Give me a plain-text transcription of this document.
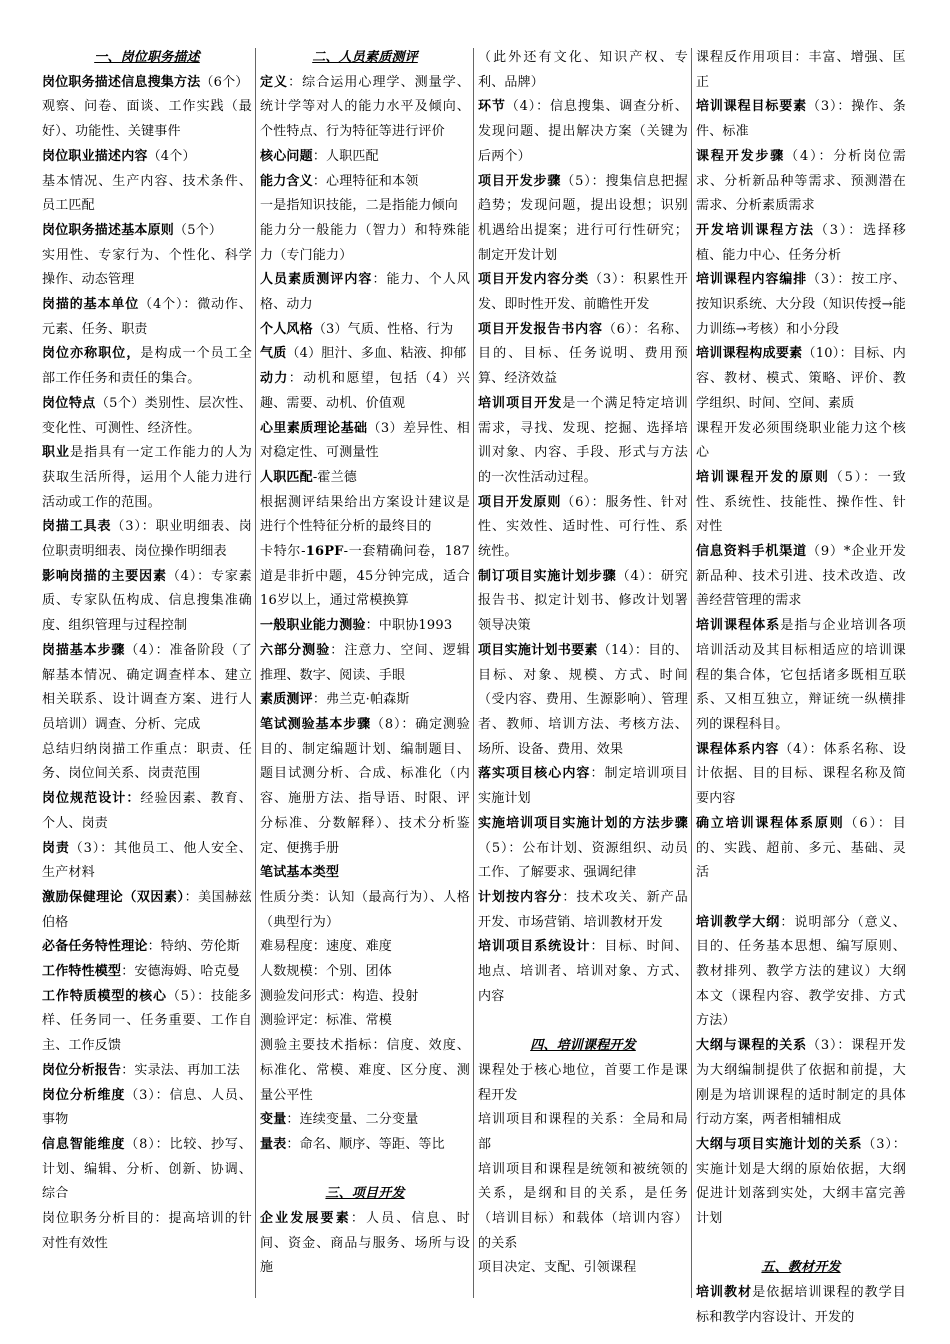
一、岗位职务描述

岗位职务描述信息搜集方法（6个）

观察、问卷、面谈、工作实践（最好）、功能性、关键事件

岗位职业描述内容（4个）

基本情况、生产内容、技术条件、员工匹配

岗位职务描述基本原则（5个）

实用性、专家行为、个性化、科学操作、动态管理

岗描的基本单位（4个）：微动作、元素、任务、职责

岗位亦称职位，是构成一个员工全部工作任务和责任的集合。

岗位特点（5个）类别性、层次性、变化性、可测性、经济性。

职业是指具有一定工作能力的人为获取生活所得，运用个人能力进行活动或工作的范围。

岗描工具表（3）：职业明细表、岗位职责明细表、岗位操作明细表

影响岗描的主要因素（4）：专家素质、专家队伍构成、信息搜集准确度、组织管理与过程控制

岗描基本步骤（4）：准备阶段（了解基本情况、确定调查样本、建立相关联系、设计调查方案、进行人员培训）调查、分析、完成

总结归纳岗描工作重点：职责、任务、岗位间关系、岗责范围

岗位规范设计：经验因素、教育、个人、岗责

岗责（3）：其他员工、他人安全、生产材料

激励保健理论（双因素）：美国赫兹伯格

必备任务特性理论：特纳、劳伦斯

工作特性模型：安德海姆、哈克曼

工作特质模型的核心（5）：技能多样、任务同一、任务重要、工作自主、工作反馈

岗位分析报告：实录法、再加工法

岗位分析维度（3）：信息、人员、事物

信息智能维度（8）：比较、抄写、计划、编辑、分析、创新、协调、综合

岗位职务分析目的：提高培训的针对性有效性

二、人员素质测评

定义：综合运用心理学、测量学、统计学等对人的能力水平及倾向、个性特点、行为特征等进行评价

核心问题：人职匹配

能力含义：心理特征和本领

一是指知识技能，二是指能力倾向

能力分一般能力（智力）和特殊能力（专门能力）

人员素质测评内容：能力、个人风格、动力

个人风格（3）气质、性格、行为

气质（4）胆汁、多血、粘液、抑郁

动力：动机和愿望，包括（4）兴趣、需要、动机、价值观

心里素质理论基础（3）差异性、相对稳定性、可测量性

人职匹配-霍兰德

根据测评结果给出方案设计建议是进行个性特征分析的最终目的

卡特尔-16PF-一套精确问卷，187道是非折中题，45分钟完成，适合16岁以上，通过常模换算

一般职业能力测验：中职协1993

六部分测验：注意力、空间、逻辑推理、数字、阅读、手眼

素质测评：弗兰克·帕森斯

笔试测验基本步骤（8）：确定测验目的、制定编题计划、编制题目、题目试测分析、合成、标准化（内容、施册方法、指导语、时限、评分标准、分数解释）、技术分析鉴定、便携手册

笔试基本类型

性质分类：认知（最高行为）、人格（典型行为）

难易程度：速度、难度

人数规模：个别、团体

测验发问形式：构造、投射

测验评定：标准、常模

测验主要技术指标：信度、效度、标准化、常模、难度、区分度、测量公平性

变量：连续变量、二分变量

量表：命名、顺序、等距、等比

三、项目开发

企业发展要素：人员、信息、时间、资金、商品与服务、场所与设施

（此外还有文化、知识产权、专利、品牌）

环节（4）：信息搜集、调查分析、发现问题、提出解决方案（关键为后两个）

项目开发步骤（5）：搜集信息把握趋势；发现问题，提出设想；识别机遇给出提案；进行可行性研究；制定开发计划

项目开发内容分类（3）：积累性开发、即时性开发、前瞻性开发

项目开发报告书内容（6）：名称、目的、目标、任务说明、费用预算、经济效益

培训项目开发是一个满足特定培训需求，寻找、发现、挖掘、选择培训对象、内容、手段、形式与方法的一次性活动过程。

项目开发原则（6）：服务性、针对性、实效性、适时性、可行性、系统性。

制订项目实施计划步骤（4）：研究报告书、拟定计划书、修改计划署领导决策

项目实施计划书要素（14）：目的、目标、对象、规模、方式、时间（受内容、费用、生源影响）、管理者、教师、培训方法、考核方法、场所、设备、费用、效果

落实项目核心内容：制定培训项目实施计划

实施培训项目实施计划的方法步骤（5）：公布计划、资源组织、动员工作、了解要求、强调纪律

计划按内容分：技术攻关、新产品开发、市场营销、培训教材开发

培训项目系统设计：目标、时间、地点、培训者、培训对象、方式、内容

四、培训课程开发

课程处于核心地位，首要工作是课程开发

培训项目和课程的关系：全局和局部

培训项目和课程是统领和被统领的关系，是纲和目的关系，是任务（培训目标）和载体（培训内容）的关系

项目决定、支配、引领课程

课程反作用项目：丰富、增强、匡正

培训课程目标要素（3）：操作、条件、标准

课程开发步骤（4）：分析岗位需求、分析新品种等需求、预测潜在需求、分析素质需求

开发培训课程方法（3）：选择移植、能力中心、任务分析

培训课程内容编排（3）：按工序、按知识系统、大分段（知识传授→能力训练→考核）和小分段

培训课程构成要素（10）：目标、内容、教材、模式、策略、评价、教学组织、时间、空间、素质

课程开发必须围绕职业能力这个核心

培训课程开发的原则（5）：一致性、系统性、技能性、操作性、针对性

信息资料手机渠道（9）*企业开发新品种、技术引进、技术改造、改善经营管理的需求

培训课程体系是指与企业培训各项培训活动及其目标相适应的培训课程的集合体，它包括诸多既相互联系、又相互独立，辩证统一纵横排列的课程科目。

课程体系内容（4）：体系名称、设计依据、目的目标、课程名称及简要内容

确立培训课程体系原则（6）：目的、实践、超前、多元、基础、灵活

培训教学大纲：说明部分（意义、目的、任务基本思想、编写原则、教材排列、教学方法的建议）大纲本文（课程内容、教学安排、方式方法）

大纲与课程的关系（3）：课程开发为大纲编制提供了依据和前提，大刚是为培训课程的适时制定的具体行动方案，两者相辅相成

大纲与项目实施计划的关系（3）：实施计划是大纲的原始依据，大纲促进计划落到实处，大纲丰富完善计划

五、教材开发

培训教材是依据培训课程的教学目标和教学内容设计、开发的
